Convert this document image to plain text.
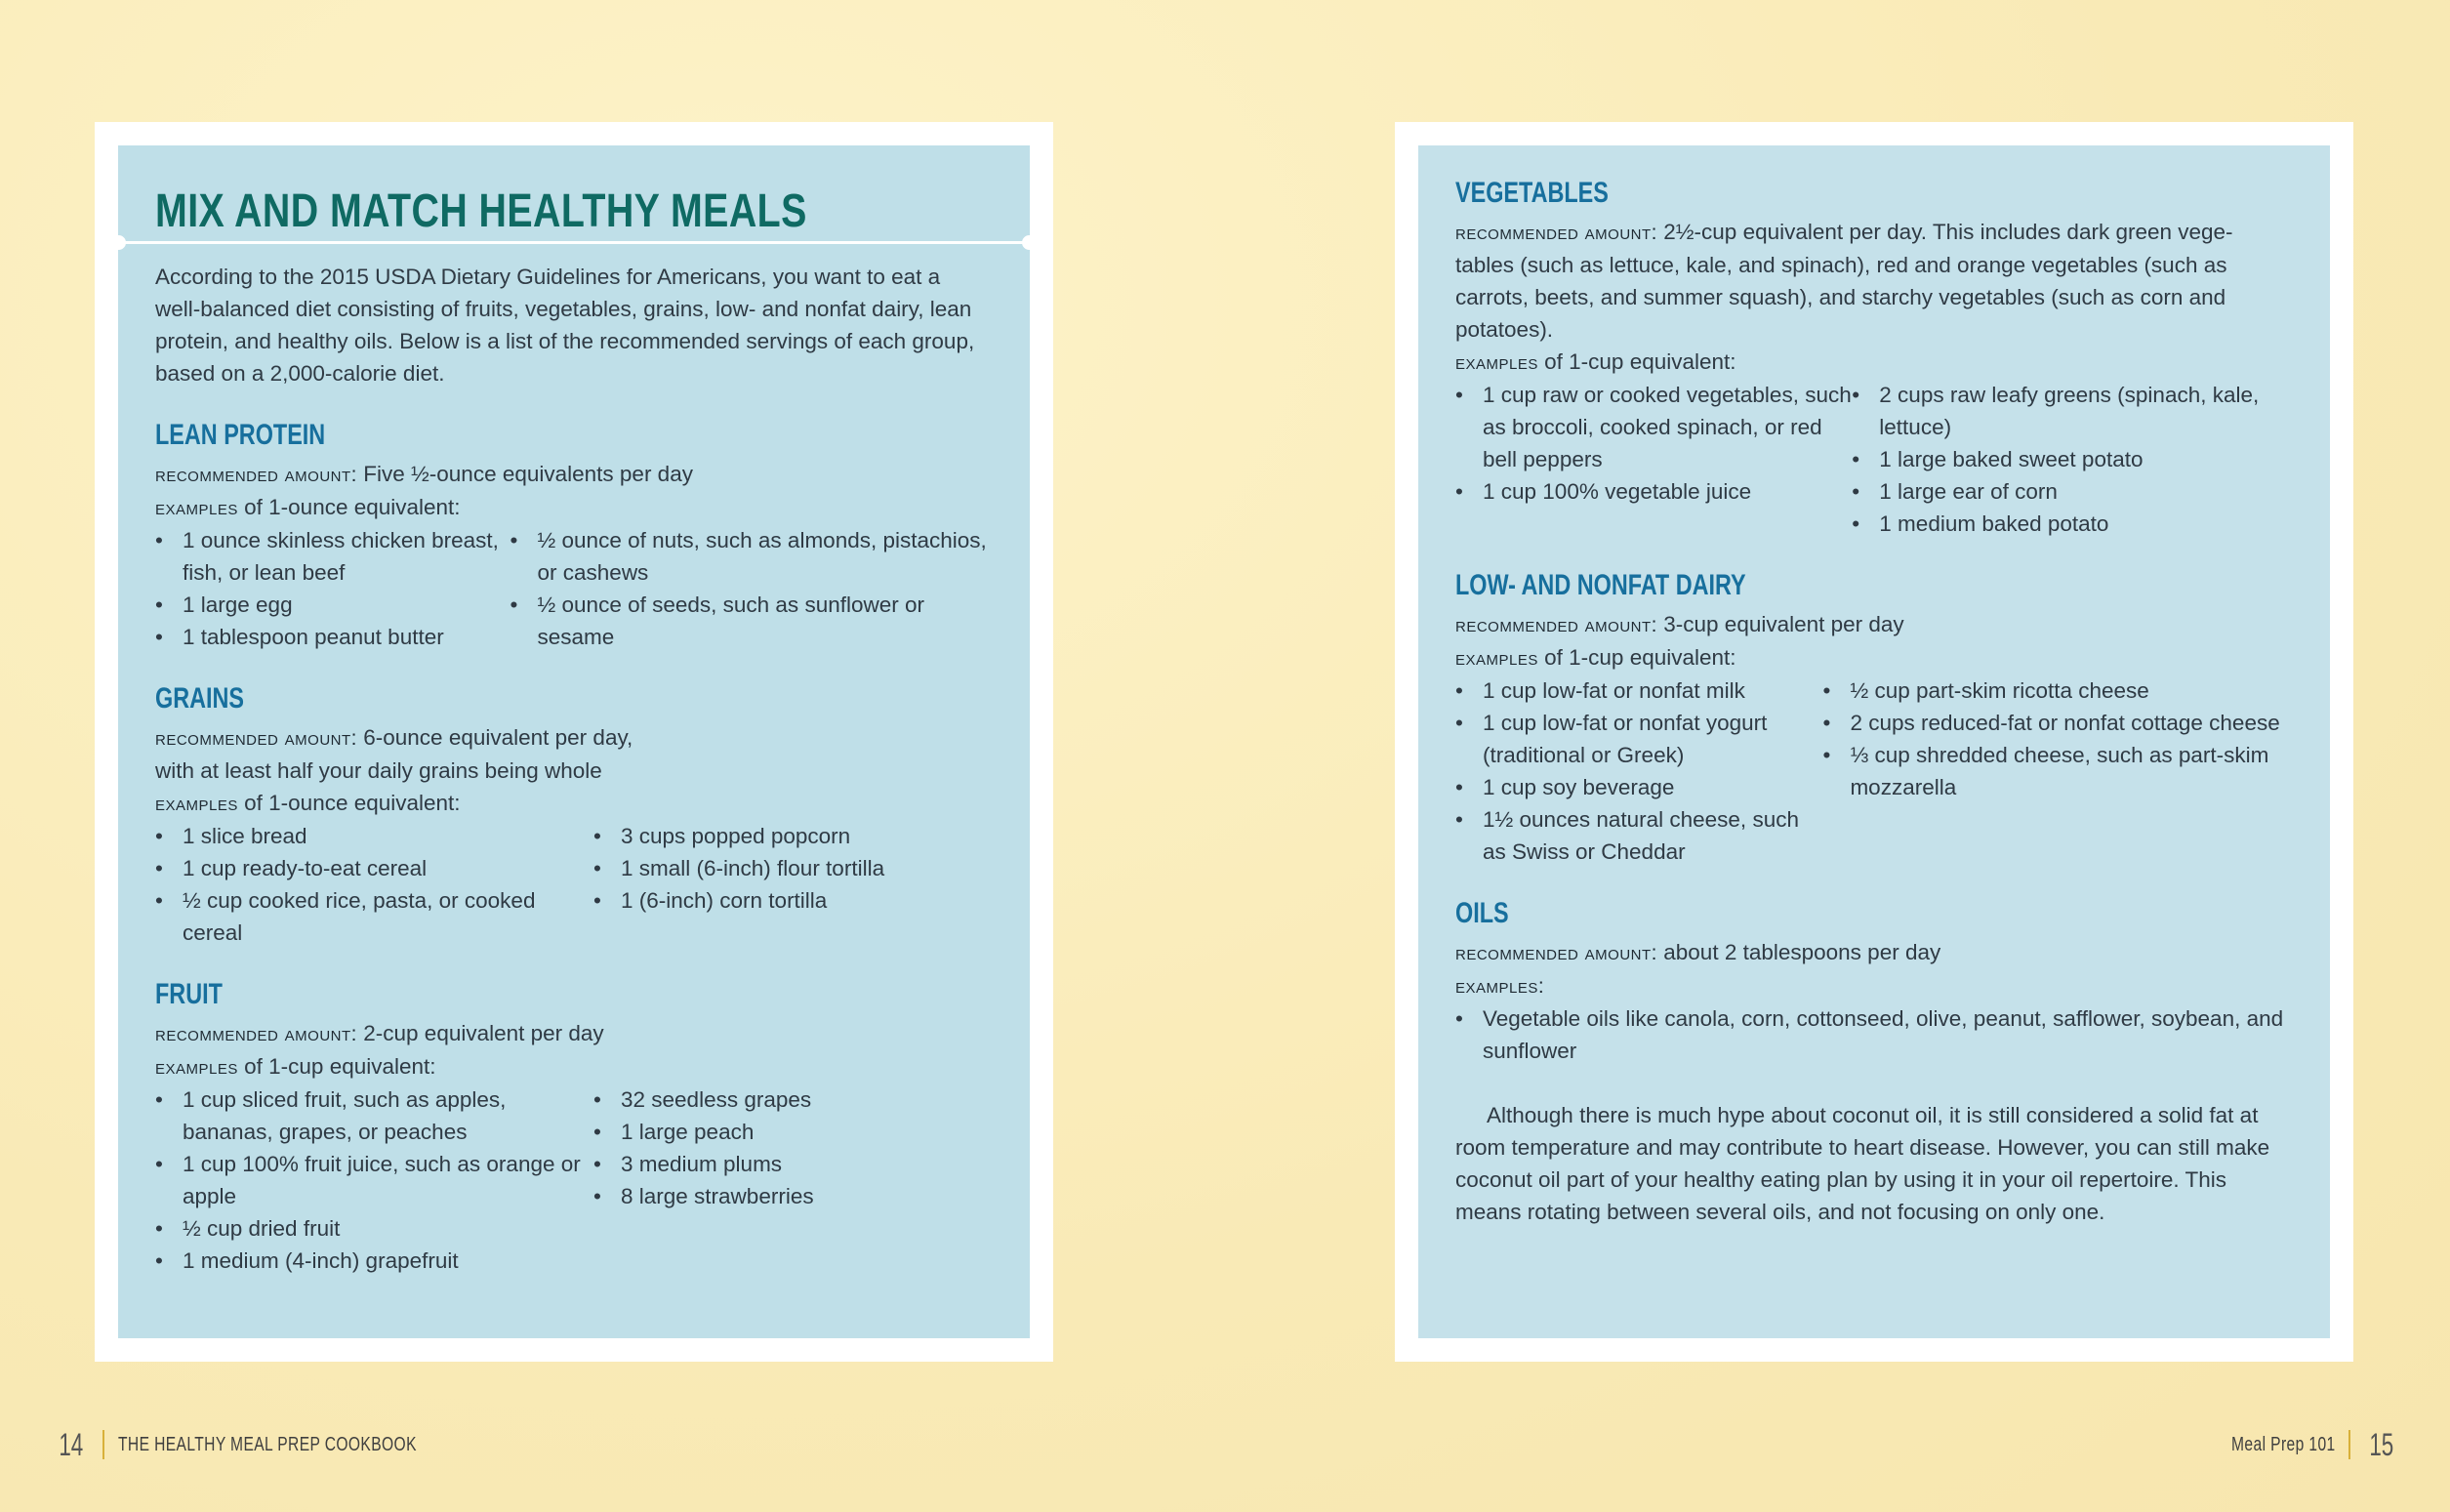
MIX AND MATCH HEALTHY MEALS

According to the 2015 USDA Dietary Guidelines for Americans, you want to eat a well-balanced diet consisting of fruits, vegetables, grains, low- and nonfat dairy, lean protein, and healthy oils. Below is a list of the recommended servings of each group, based on a 2,000-calorie diet.

LEAN PROTEIN

recommended amount: Five ½-ounce equivalents per day

examples of 1-ounce equivalent:

• 1 ounce skinless chicken breast, fish, or lean beef
• 1 large egg
• 1 tablespoon peanut butter
• ½ ounce of nuts, such as almonds, pistachios, or cashews
• ½ ounce of seeds, such as sunflower or sesame
GRAINS

recommended amount: 6-ounce equivalent per day,

with at least half your daily grains being whole

examples of 1-ounce equivalent:

• 1 slice bread
• 1 cup ready-to-eat cereal
• ½ cup cooked rice, pasta, or cooked cereal
• 3 cups popped popcorn
• 1 small (6-inch) flour tortilla
• 1 (6-inch) corn tortilla
FRUIT

recommended amount: 2-cup equivalent per day

examples of 1-cup equivalent:

• 1 cup sliced fruit, such as apples, bananas, grapes, or peaches
• 1 cup 100% fruit juice, such as orange or apple
• ½ cup dried fruit
• 1 medium (4-inch) grapefruit
• 32 seedless grapes
• 1 large peach
• 3 medium plums
• 8 large strawberries
VEGETABLES

recommended amount: 2½-cup equivalent per day. This includes dark green vege-tables (such as lettuce, kale, and spinach), red and orange vegetables (such as carrots, beets, and summer squash), and starchy vegetables (such as corn and potatoes).

examples of 1-cup equivalent:

• 1 cup raw or cooked vegetables, such as broccoli, cooked spinach, or red bell peppers
• 1 cup 100% vegetable juice
• 2 cups raw leafy greens (spinach, kale, lettuce)
• 1 large baked sweet potato
• 1 large ear of corn
• 1 medium baked potato
LOW- AND NONFAT DAIRY

recommended amount: 3-cup equivalent per day

examples of 1-cup equivalent:

• 1 cup low-fat or nonfat milk
• 1 cup low-fat or nonfat yogurt (traditional or Greek)
• 1 cup soy beverage
• 1½ ounces natural cheese, such as Swiss or Cheddar
• ½ cup part-skim ricotta cheese
• 2 cups reduced-fat or nonfat cottage cheese
• ⅓ cup shredded cheese, such as part-skim mozzarella
OILS

recommended amount: about 2 tablespoons per day

examples:

• Vegetable oils like canola, corn, cottonseed, olive, peanut, safflower, soybean, and sunflower

Although there is much hype about coconut oil, it is still considered a solid fat at room temperature and may contribute to heart disease. However, you can still make coconut oil part of your healthy eating plan by using it in your oil repertoire. This means rotating between several oils, and not focusing on only one.

14 THE HEALTHY MEAL PREP COOKBOOK	Meal Prep 101 15
